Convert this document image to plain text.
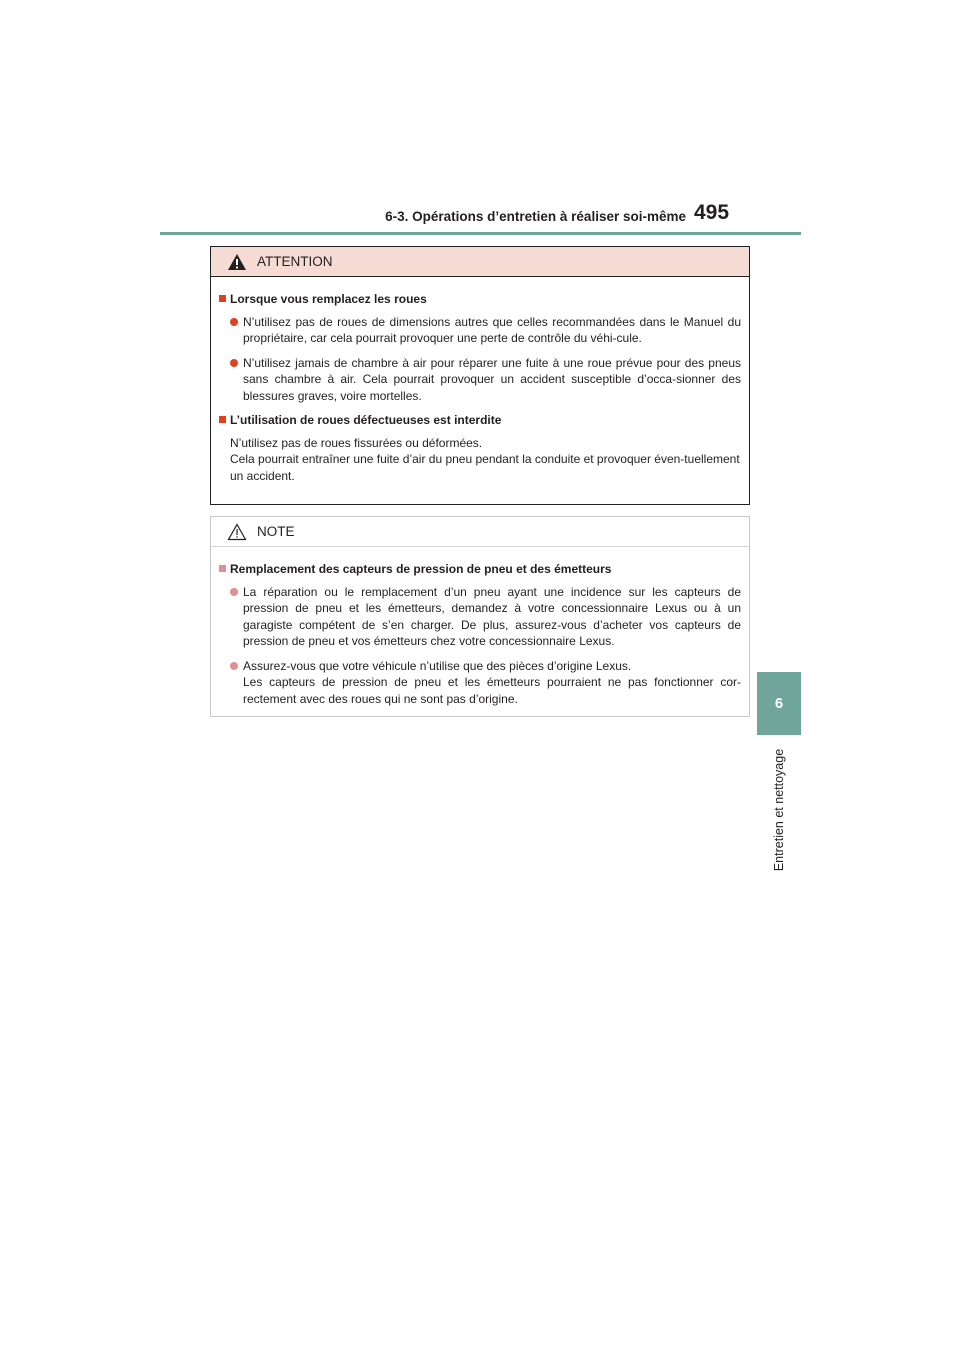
6-3. Opérations d’entretien à réaliser soi-même 495
6
Entretien et nettoyage
ATTENTION
Lorsque vous remplacez les roues
N’utilisez pas de roues de dimensions autres que celles recommandées dans le Manuel du propriétaire, car cela pourrait provoquer une perte de contrôle du véhi-cule.
N’utilisez jamais de chambre à air pour réparer une fuite à une roue prévue pour des pneus sans chambre à air. Cela pourrait provoquer un accident susceptible d’occa-sionner des blessures graves, voire mortelles.
L’utilisation de roues défectueuses est interdite
N’utilisez pas de roues fissurées ou déformées.
Cela pourrait entraîner une fuite d’air du pneu pendant la conduite et provoquer éven-tuellement un accident.
NOTE
Remplacement des capteurs de pression de pneu et des émetteurs
La réparation ou le remplacement d’un pneu ayant une incidence sur les capteurs de pression de pneu et les émetteurs, demandez à votre concessionnaire Lexus ou à un garagiste compétent de s’en charger. De plus, assurez-vous d’acheter vos capteurs de pression de pneu et vos émetteurs chez votre concessionnaire Lexus.
Assurez-vous que votre véhicule n’utilise que des pièces d’origine Lexus.
Les capteurs de pression de pneu et les émetteurs pourraient ne pas fonctionner cor-rectement avec des roues qui ne sont pas d’origine.
